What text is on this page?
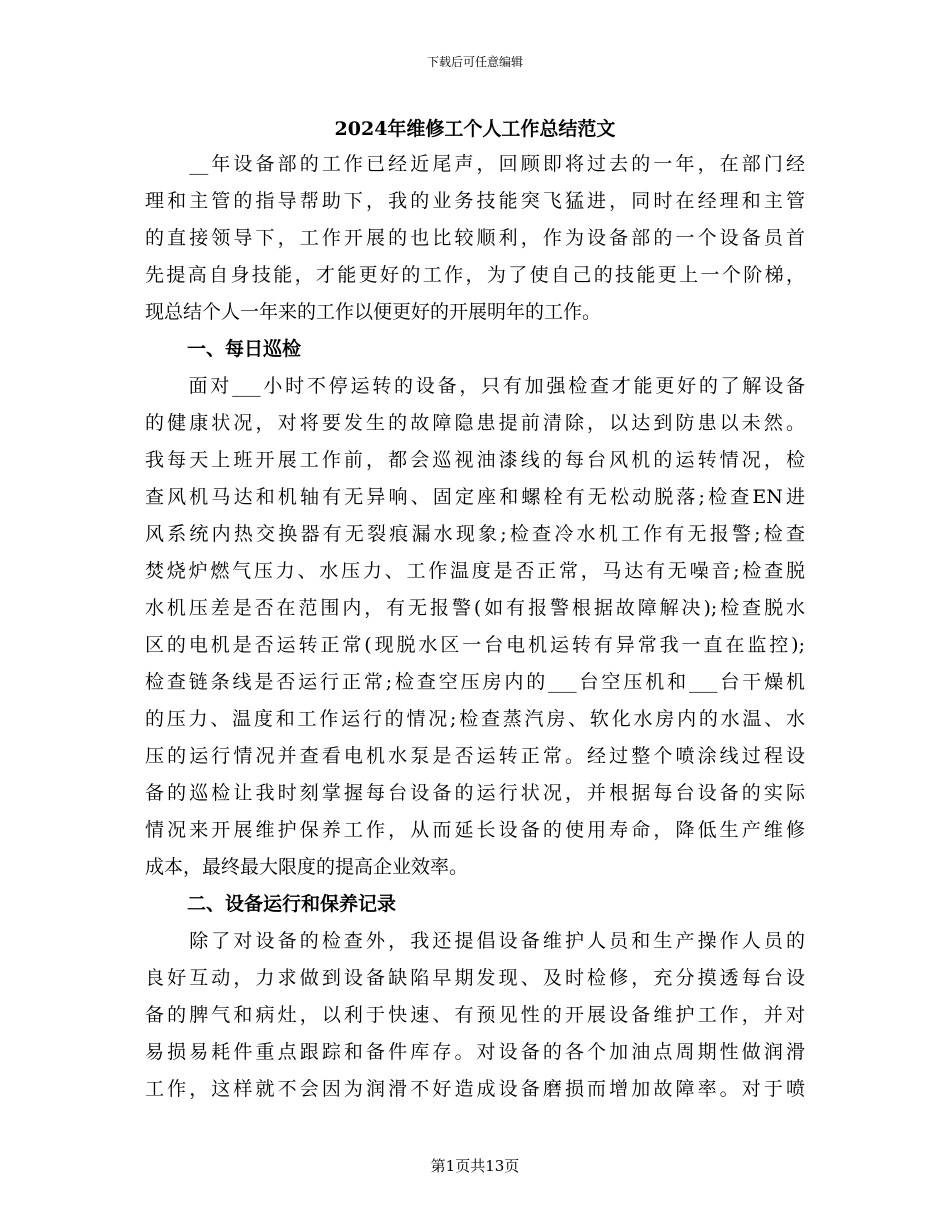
下载后可任意编辑
2024年维修工个人工作总结范文
　　__年设备部的工作已经近尾声，回顾即将过去的一年，在部门经
理和主管的指导帮助下，我的业务技能突飞猛进，同时在经理和主管
的直接领导下，工作开展的也比较顺利，作为设备部的一个设备员首
先提高自身技能，才能更好的工作，为了使自己的技能更上一个阶梯，
现总结个人一年来的工作以便更好的开展明年的工作。
一、每日巡检
　　面对___小时不停运转的设备，只有加强检查才能更好的了解设备
的健康状况，对将要发生的故障隐患提前清除，以达到防患以未然。
我每天上班开展工作前，都会巡视油漆线的每台风机的运转情况，检
查风机马达和机轴有无异响、固定座和螺栓有无松动脱落;检查EN进
风系统内热交换器有无裂痕漏水现象;检查冷水机工作有无报警;检查
焚烧炉燃气压力、水压力、工作温度是否正常，马达有无噪音;检查脱
水机压差是否在范围内，有无报警(如有报警根据故障解决);检查脱水
区的电机是否运转正常(现脱水区一台电机运转有异常我一直在监控);
检查链条线是否运行正常;检查空压房内的___台空压机和___台干燥机
的压力、温度和工作运行的情况;检查蒸汽房、软化水房内的水温、水
压的运行情况并查看电机水泵是否运转正常。经过整个喷涂线过程设
备的巡检让我时刻掌握每台设备的运行状况，并根据每台设备的实际
情况来开展维护保养工作，从而延长设备的使用寿命，降低生产维修
成本，最终最大限度的提高企业效率。
二、设备运行和保养记录
　　除了对设备的检查外，我还提倡设备维护人员和生产操作人员的
良好互动，力求做到设备缺陷早期发现、及时检修，充分摸透每台设
备的脾气和病灶，以利于快速、有预见性的开展设备维护工作，并对
易损易耗件重点跟踪和备件库存。对设备的各个加油点周期性做润滑
工作，这样就不会因为润滑不好造成设备磨损而增加故障率。对于喷
第1页共13页
